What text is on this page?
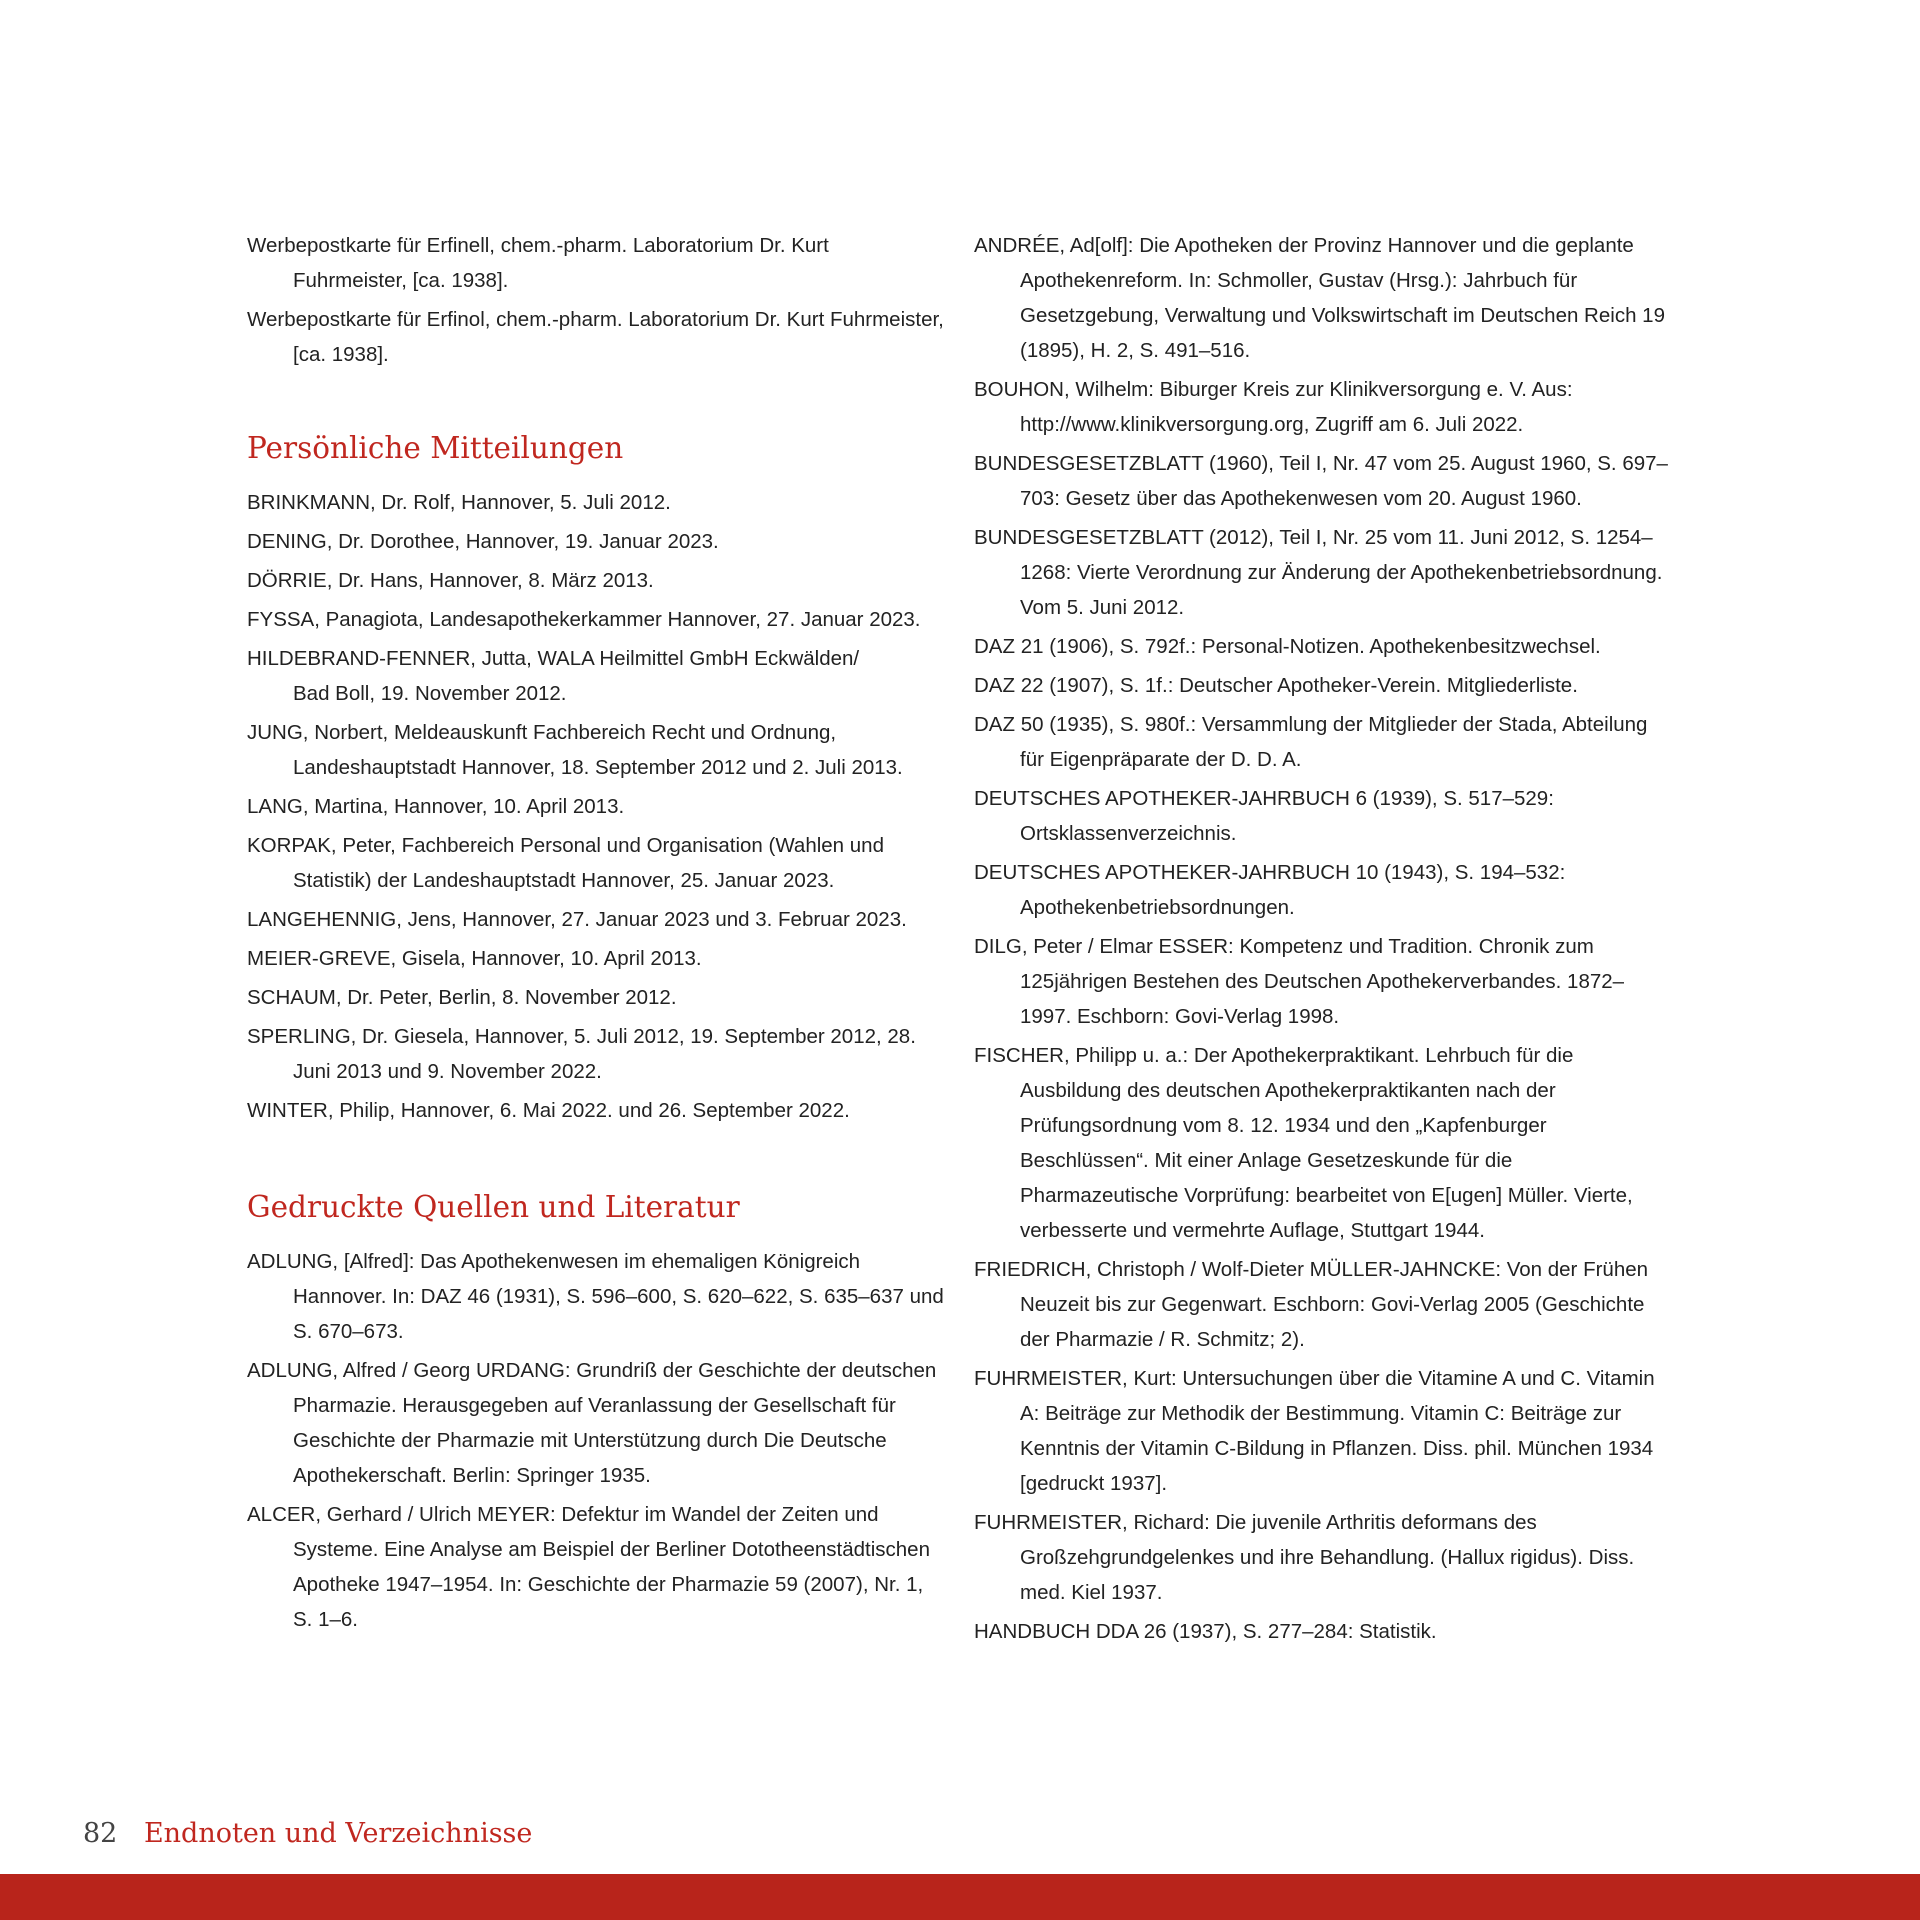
Werbepostkarte für Erfinell, chem.-pharm. Laboratorium Dr. Kurt Fuhrmeister, [ca. 1938].

Werbepostkarte für Erfinol, chem.-pharm. Laboratorium Dr. Kurt Fuhrmeister, [ca. 1938].

Persönliche Mitteilungen

BRINKMANN, Dr. Rolf, Hannover, 5. Juli 2012.

DENING, Dr. Dorothee, Hannover, 19. Januar 2023.

DÖRRIE, Dr. Hans, Hannover, 8. März 2013.

FYSSA, Panagiota, Landesapothekerkammer Hannover, 27. Januar 2023.

HILDEBRAND-FENNER, Jutta, WALA Heilmittel GmbH Eckwälden/ Bad Boll, 19. November 2012.

JUNG, Norbert, Meldeauskunft Fachbereich Recht und Ordnung, Landeshauptstadt Hannover, 18. September 2012 und 2. Juli 2013.

LANG, Martina, Hannover, 10. April 2013.

KORPAK, Peter, Fachbereich Personal und Organisation (Wahlen und Statistik) der Landeshauptstadt Hannover, 25. Januar 2023.

LANGEHENNIG, Jens, Hannover, 27. Januar 2023 und 3. Februar 2023.

MEIER-GREVE, Gisela, Hannover, 10. April 2013.

SCHAUM, Dr. Peter, Berlin, 8. November 2012.

SPERLING, Dr. Giesela, Hannover, 5. Juli 2012, 19. September 2012, 28. Juni 2013 und 9. November 2022.

WINTER, Philip, Hannover, 6. Mai 2022. und 26. September 2022.

Gedruckte Quellen und Literatur

ADLUNG, [Alfred]: Das Apothekenwesen im ehemaligen Königreich Hannover. In: DAZ 46 (1931), S. 596–600, S. 620–622, S. 635–637 und S. 670–673.

ADLUNG, Alfred / Georg URDANG: Grundriß der Geschichte der deutschen Pharmazie. Herausgegeben auf Veranlassung der Gesellschaft für Geschichte der Pharmazie mit Unterstützung durch Die Deutsche Apothekerschaft. Berlin: Springer 1935.

ALCER, Gerhard / Ulrich MEYER: Defektur im Wandel der Zeiten und Systeme. Eine Analyse am Beispiel der Berliner Dototheenstädtischen Apotheke 1947–1954. In: Geschichte der Pharmazie 59 (2007), Nr. 1, S. 1–6.

ANDRÉE, Ad[olf]: Die Apotheken der Provinz Hannover und die geplante Apothekenreform. In: Schmoller, Gustav (Hrsg.): Jahrbuch für Gesetzgebung, Verwaltung und Volkswirtschaft im Deutschen Reich 19 (1895), H. 2, S. 491–516.

BOUHON, Wilhelm: Biburger Kreis zur Klinikversorgung e. V. Aus: http://www.klinikversorgung.org, Zugriff am 6. Juli 2022.

BUNDESGESETZBLATT (1960), Teil I, Nr. 47 vom 25. August 1960, S. 697–703: Gesetz über das Apothekenwesen vom 20. August 1960.

BUNDESGESETZBLATT (2012), Teil I, Nr. 25 vom 11. Juni 2012, S. 1254–1268: Vierte Verordnung zur Änderung der Apothekenbetriebsordnung. Vom 5. Juni 2012.

DAZ 21 (1906), S. 792f.: Personal-Notizen. Apothekenbesitzwechsel.

DAZ 22 (1907), S. 1f.: Deutscher Apotheker-Verein. Mitgliederliste.

DAZ 50 (1935), S. 980f.: Versammlung der Mitglieder der Stada, Abteilung für Eigenpräparate der D. D. A.

DEUTSCHES APOTHEKER-JAHRBUCH 6 (1939), S. 517–529: Ortsklassenverzeichnis.

DEUTSCHES APOTHEKER-JAHRBUCH 10 (1943), S. 194–532: Apothekenbetriebsordnungen.

DILG, Peter / Elmar ESSER: Kompetenz und Tradition. Chronik zum 125jährigen Bestehen des Deutschen Apothekerverbandes. 1872–1997. Eschborn: Govi-Verlag 1998.

FISCHER, Philipp u. a.: Der Apothekerpraktikant. Lehrbuch für die Ausbildung des deutschen Apothekerpraktikanten nach der Prüfungsordnung vom 8. 12. 1934 und den „Kapfenburger Beschlüssen“. Mit einer Anlage Gesetzeskunde für die Pharmazeutische Vorprüfung: bearbeitet von E[ugen] Müller. Vierte, verbesserte und vermehrte Auflage, Stuttgart 1944.

FRIEDRICH, Christoph / Wolf-Dieter MÜLLER-JAHNCKE: Von der Frühen Neuzeit bis zur Gegenwart. Eschborn: Govi-Verlag 2005 (Geschichte der Pharmazie / R. Schmitz; 2).

FUHRMEISTER, Kurt: Untersuchungen über die Vitamine A und C. Vitamin A: Beiträge zur Methodik der Bestimmung. Vitamin C: Beiträge zur Kenntnis der Vitamin C-Bildung in Pflanzen. Diss. phil. München 1934 [gedruckt 1937].

FUHRMEISTER, Richard: Die juvenile Arthritis deformans des Großzehgrundgelenkes und ihre Behandlung. (Hallux rigidus). Diss. med. Kiel 1937.

HANDBUCH DDA 26 (1937), S. 277–284: Statistik.

82 Endnoten und Verzeichnisse
